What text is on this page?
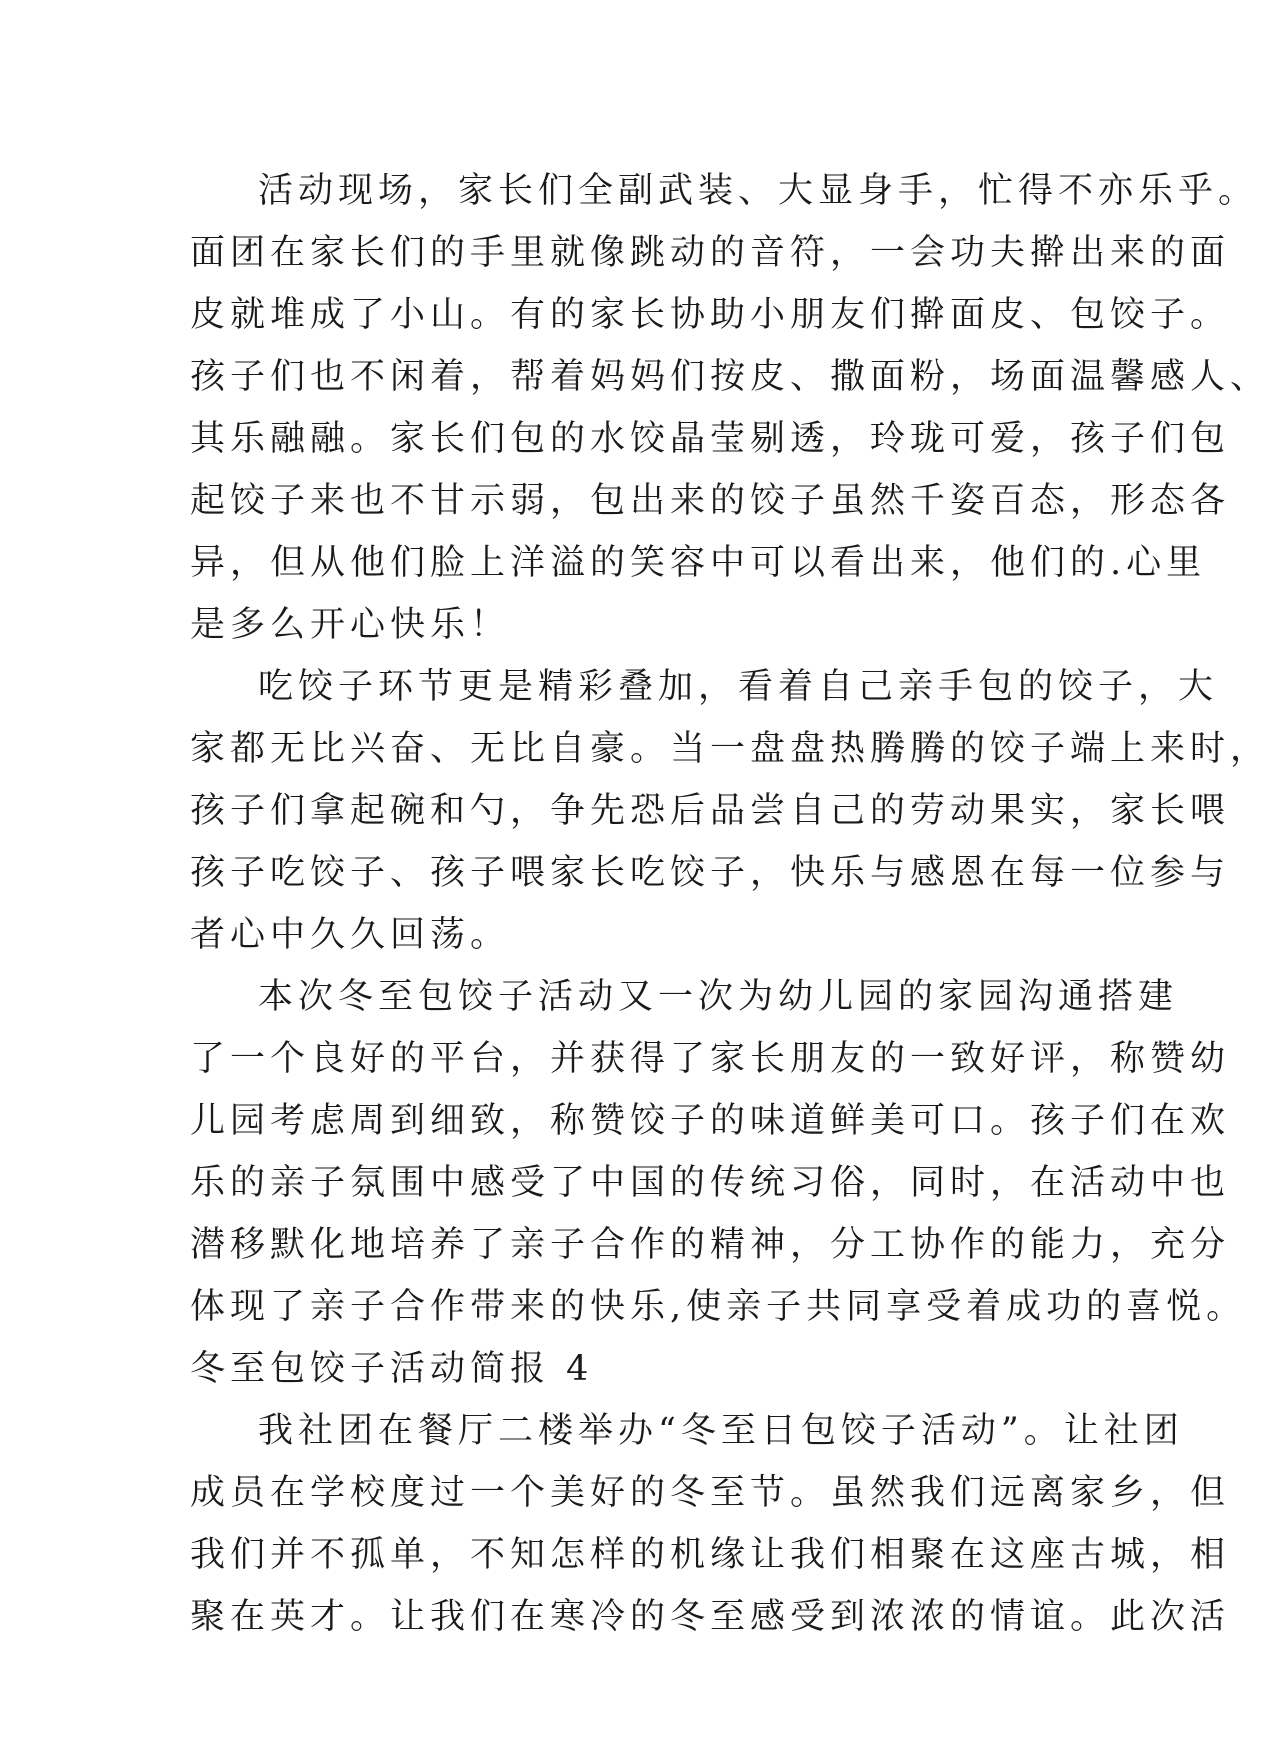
活动现场，家长们全副武装、大显身手，忙得不亦乐乎。
面团在家长们的手里就像跳动的音符，一会功夫擀出来的面
皮就堆成了小山。有的家长协助小朋友们擀面皮、包饺子。
孩子们也不闲着，帮着妈妈们按皮、撒面粉，场面温馨感人、
其乐融融。家长们包的水饺晶莹剔透，玲珑可爱，孩子们包
起饺子来也不甘示弱，包出来的饺子虽然千姿百态，形态各
异，但从他们脸上洋溢的笑容中可以看出来，他们的.心里
是多么开心快乐！
吃饺子环节更是精彩叠加，看着自己亲手包的饺子，大
家都无比兴奋、无比自豪。当一盘盘热腾腾的饺子端上来时，
孩子们拿起碗和勺，争先恐后品尝自己的劳动果实，家长喂
孩子吃饺子、孩子喂家长吃饺子，快乐与感恩在每一位参与
者心中久久回荡。
本次冬至包饺子活动又一次为幼儿园的家园沟通搭建
了一个良好的平台，并获得了家长朋友的一致好评，称赞幼
儿园考虑周到细致，称赞饺子的味道鲜美可口。孩子们在欢
乐的亲子氛围中感受了中国的传统习俗，同时，在活动中也
潜移默化地培养了亲子合作的精神，分工协作的能力，充分
体现了亲子合作带来的快乐,使亲子共同享受着成功的喜悦。
冬至包饺子活动简报 4
我社团在餐厅二楼举办“冬至日包饺子活动”。让社团
成员在学校度过一个美好的冬至节。虽然我们远离家乡，但
我们并不孤单，不知怎样的机缘让我们相聚在这座古城，相
聚在英才。让我们在寒冷的冬至感受到浓浓的情谊。此次活
